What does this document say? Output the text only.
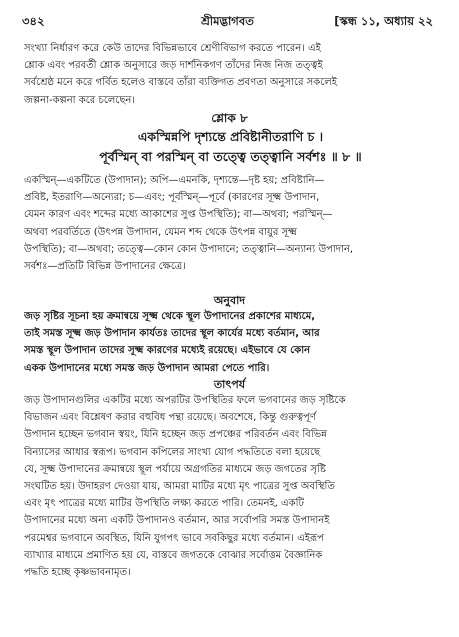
৩৪২	শ্রীমদ্ভাগবত	[স্কন্ধ ১১, অধ্যায় ২২
সংখ্যা নির্ধারণ করে কেউ তাদের বিভিন্নভাবে শ্রেণীবিভাগ করতে পারেন। এই
শ্লোক এবং পরবর্তী শ্লোক অনুসারে জড় দার্শনিকগণ তাঁদের নিজ নিজ তত্ত্বই
সর্বশ্রেষ্ঠ মনে করে গর্বিত হলেও বাস্তবে তাঁরা ব্যক্তিগত প্রবণতা অনুসারে সকলেই
জল্পনা-কল্পনা করে চলেছেন।
শ্লোক ৮
একস্মিন্নপি দৃশ্যন্তে প্রবিষ্টানীতরাণি চ ।
পূর্বস্মিন্ বা পরস্মিন্ বা তত্ত্বে তত্ত্বানি সর্বশঃ ॥ ৮ ॥
একস্মিন্—একটিতে (উপাদান); অপি—এমনকি, দৃশ্যন্তে—দৃষ্ট হয়; প্রবিষ্টানি—
প্রবিষ্ট, ইতরাণি—অন্যেরা; চ—এবং; পূর্বস্মিন্—পূর্বে (কারণের সূক্ষ্ম উপাদান,
যেমন কারণ এবং শব্দের মধ্যে আকাশের সুপ্ত উপস্থিতি); বা—অথবা; পরস্মিন্—
অথবা পরবর্তিতে (উৎপন্ন উপাদান, যেমন শব্দ থেকে উৎপন্ন বায়ুর সূক্ষ্ম
উপস্থিতি); বা—অথবা; তত্ত্বে—কোন কোন উপাদানে; তত্ত্বানি—অন্যান্য উপাদান,
সর্বশঃ—প্রতিটি বিভিন্ন উপাদানের ক্ষেত্রে।
অনুবাদ
জড় সৃষ্টির সূচনা হয় ক্রমান্বয়ে সূক্ষ্ম থেকে স্থূল উপাদানের প্রকাশের মাধ্যমে,
তাই সমস্ত সূক্ষ্ম জড় উপাদান কার্যতঃ তাদের স্থূল কার্যের মধ্যে বর্তমান, আর
সমস্ত স্থূল উপাদান তাদের সূক্ষ্ম কারণের মধ্যেই রয়েছে। এইভাবে যে কোন
একক উপাদানের মধ্যে সমস্ত জড় উপাদান আমরা পেতে পারি।
তাৎপর্য
জড় উপাদানগুলির একটির মধ্যে অপরটির উপস্থিতির ফলে ভগবানের জড় সৃষ্টিকে
বিভাজন এবং বিশ্লেষণ করার বহুবিধ পন্থা রয়েছে। অবশেষে, কিন্তু গুরুত্বপূর্ণ
উপাদান হচ্ছেন ভগবান স্বয়ং, যিনি হচ্ছেন জড় প্রপঞ্চের পরিবর্তন এবং বিভিন্ন
বিন্যাসের আধার স্বরূপ। ভগবান কপিলের সাংখ্য যোগ পদ্ধতিতে বলা হয়েছে
যে, সূক্ষ্ম উপাদানের ক্রমান্বয়ে স্থূল পর্যায়ে অগ্রগতির মাধ্যমে জড় জগতের সৃষ্টি
সংঘটিত হয়। উদাহরণ দেওয়া যায়, আমরা মাটির মধ্যে মৃৎ পাত্রের সুপ্ত অবস্থিতি
এবং মৃৎ পাত্রের মধ্যে মাটির উপস্থিতি লক্ষ্য করতে পারি। তেমনই, একটি
উপাদানের মধ্যে অন্য একটি উপাদানও বর্তমান, আর সর্বোপরি সমস্ত উপাদানই
পরমেশ্বর ভগবানে অবস্থিত, যিনি যুগপৎ ভাবে সবকিছুর মধ্যে বর্তমান। এইরূপ
ব্যাখ্যার মাধ্যমে প্রমাণিত হয় যে, বাস্তবে জগতকে বোঝার সর্বোত্তম বৈজ্ঞানিক
পদ্ধতি হচ্ছে কৃষ্ণভাবনামৃত।
